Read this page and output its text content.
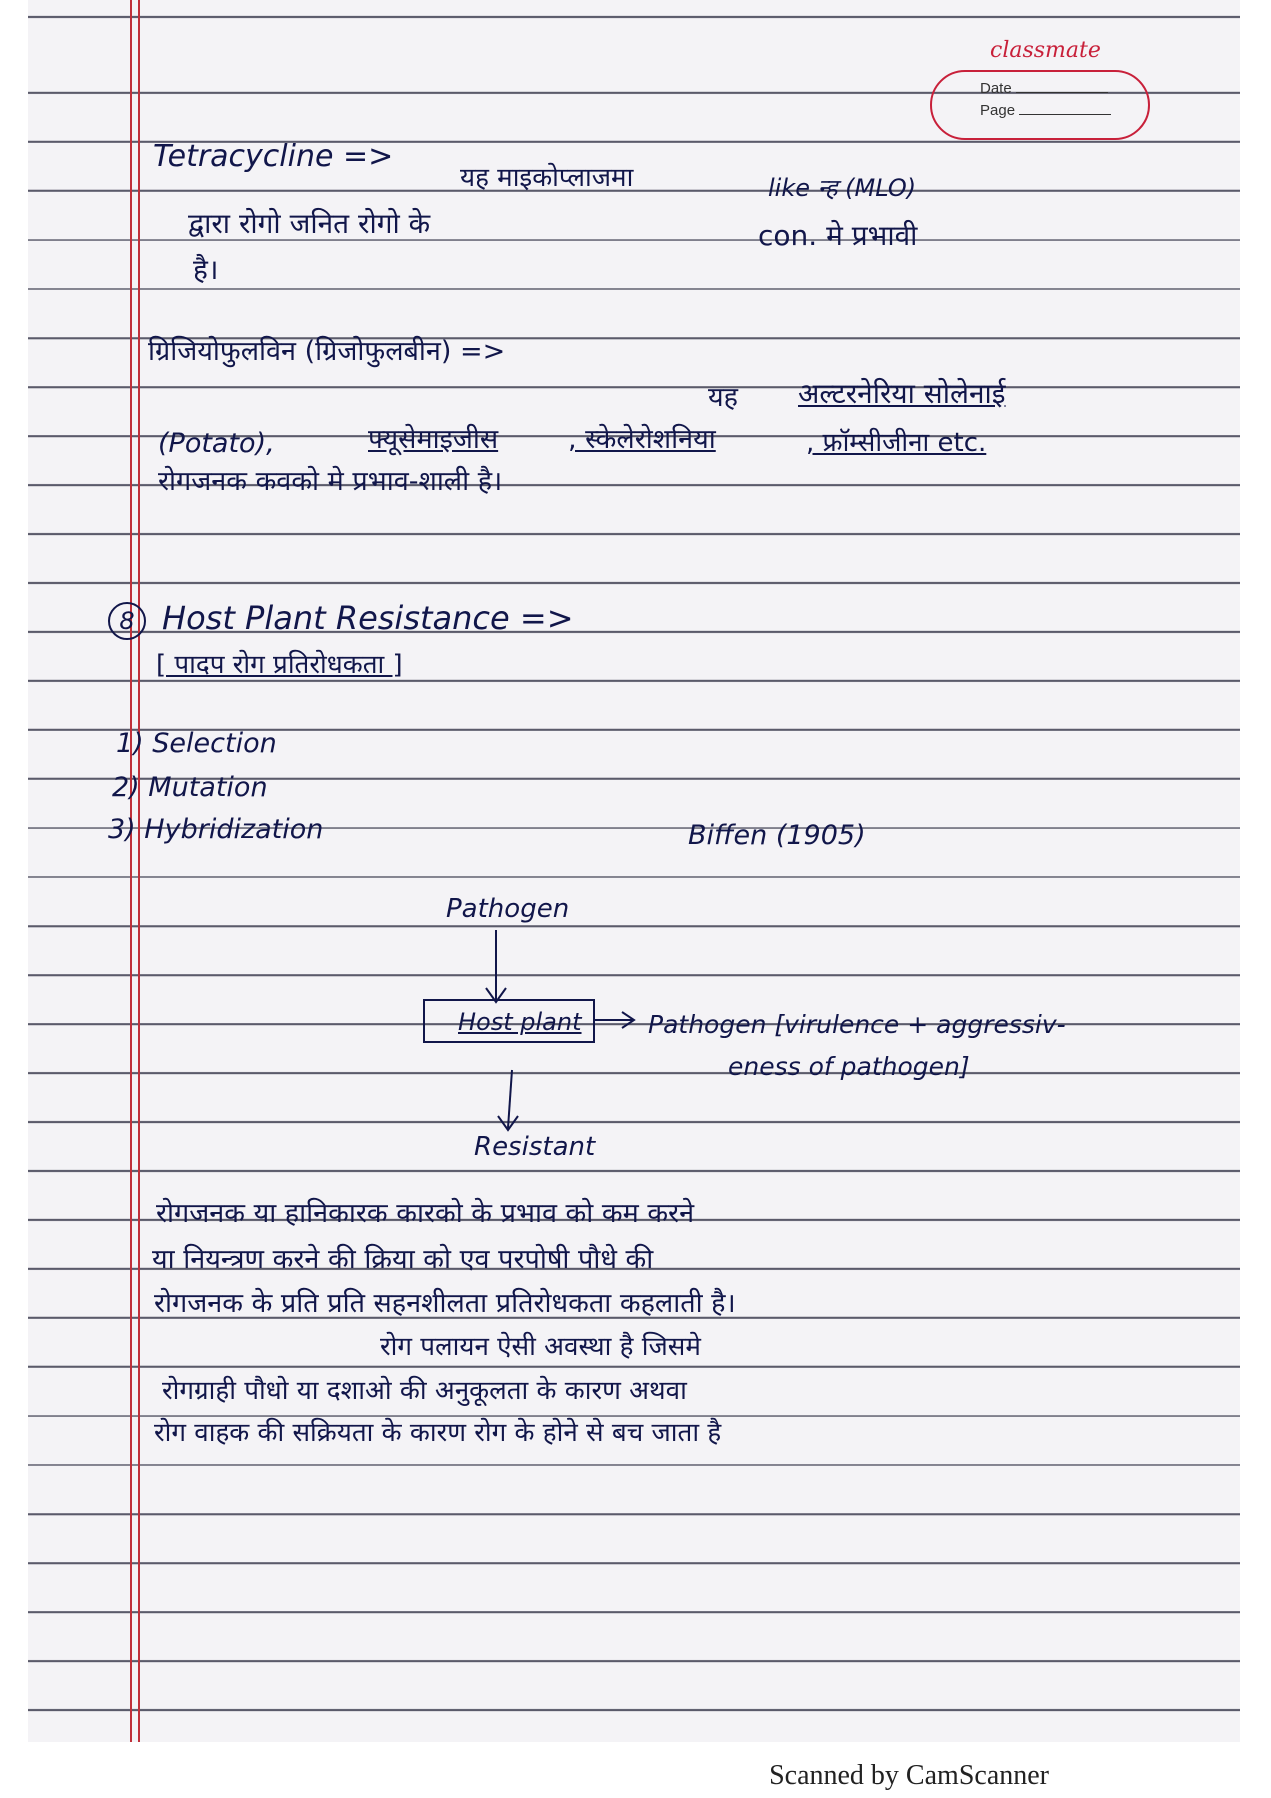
classmate
Date
Page
Tetracycline =>
यह माइकोप्लाजमा	like न्ह (MLO)
द्वारा रोगो जनित रोगो के	con. मे प्रभावी
है।
ग्रिजियोफुलविन (ग्रिजोफुलबीन) =>
यह अल्टरनेरिया सोलेनाई
(Potato),	फ्यूसेमाइजीस	, स्केलेरोशनिया	, फ्रॉम्सीजीना etc.
रोगजनक कवको मे प्रभाव-शाली है।
8 Host Plant Resistance =>
[ पादप रोग प्रतिरोधकता ]
1) Selection
2) Mutation
3) Hybridization	Biffen (1905)
Pathogen
Host plant	Pathogen [virulence + aggressiv-
eness of pathogen]
Resistant
रोगजनक या हानिकारक कारको के प्रभाव को कम करने
या नियन्त्रण करने की क्रिया को एव परपोषी पौधे की
रोगजनक के प्रति प्रति सहनशीलता प्रतिरोधकता कहलाती है।
रोग पलायन ऐसी अवस्था है जिसमे
रोगग्राही पौधो या दशाओ की अनुकूलता के कारण अथवा
रोग वाहक की सक्रियता के कारण रोग के होने से बच जाता है
Scanned by CamScanner
